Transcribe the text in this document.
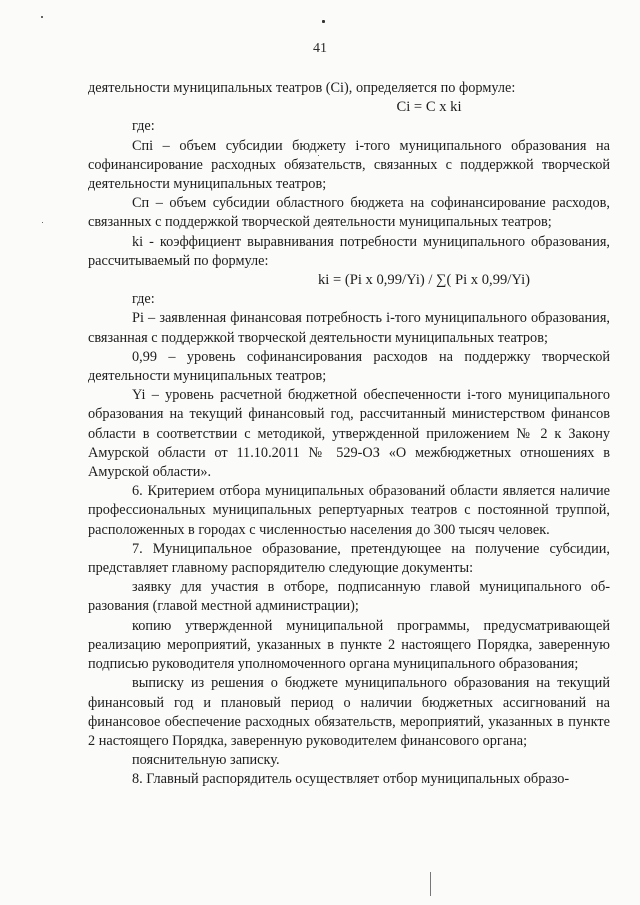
41

деятельности муниципальных театров (Ci), определяется по формуле:

Ci = C x ki

где:

Cпi – объем субсидии бюджету i-того муниципального образования на софинансирование расходных обязательств, связанных с поддержкой творческой деятельности муниципальных театров;

Cп – объем субсидии областного бюджета на софинансирование расходов, связанных с поддержкой творческой деятельности муниципальных театров;

ki - коэффициент выравнивания потребности муниципального образования, рассчитываемый по формуле:

ki = (Pi x 0,99/Yi) / ∑( Pi x 0,99/Yi)

где:

Pi – заявленная финансовая потребность i-того муниципального образования, связанная с поддержкой творческой деятельности муниципальных театров;

0,99 – уровень софинансирования расходов на поддержку творческой деятельности муниципальных театров;

Yi – уровень расчетной бюджетной обеспеченности i-того муниципального образования на текущий финансовый год, рассчитанный министерством финансов области в соответствии с методикой, утвержденной приложением № 2 к Закону Амурской области от 11.10.2011 № 529-ОЗ «О межбюджетных отношениях в Амурской области».

6. Критерием отбора муниципальных образований области является наличие профессиональных муниципальных репертуарных театров с постоянной труппой, расположенных в городах с численностью населения до 300 тысяч человек.

7. Муниципальное образование, претендующее на получение субсидии, представляет главному распорядителю следующие документы:

заявку для участия в отборе, подписанную главой муниципального образования (главой местной администрации);

копию утвержденной муниципальной программы, предусматривающей реализацию мероприятий, указанных в пункте 2 настоящего Порядка, заверенную подписью руководителя уполномоченного органа муниципального образования;

выписку из решения о бюджете муниципального образования на текущий финансовый год и плановый период о наличии бюджетных ассигнований на финансовое обеспечение расходных обязательств, мероприятий, указанных в пункте 2 настоящего Порядка, заверенную руководителем финансового органа;

пояснительную записку.

8. Главный распорядитель осуществляет отбор муниципальных образо-
